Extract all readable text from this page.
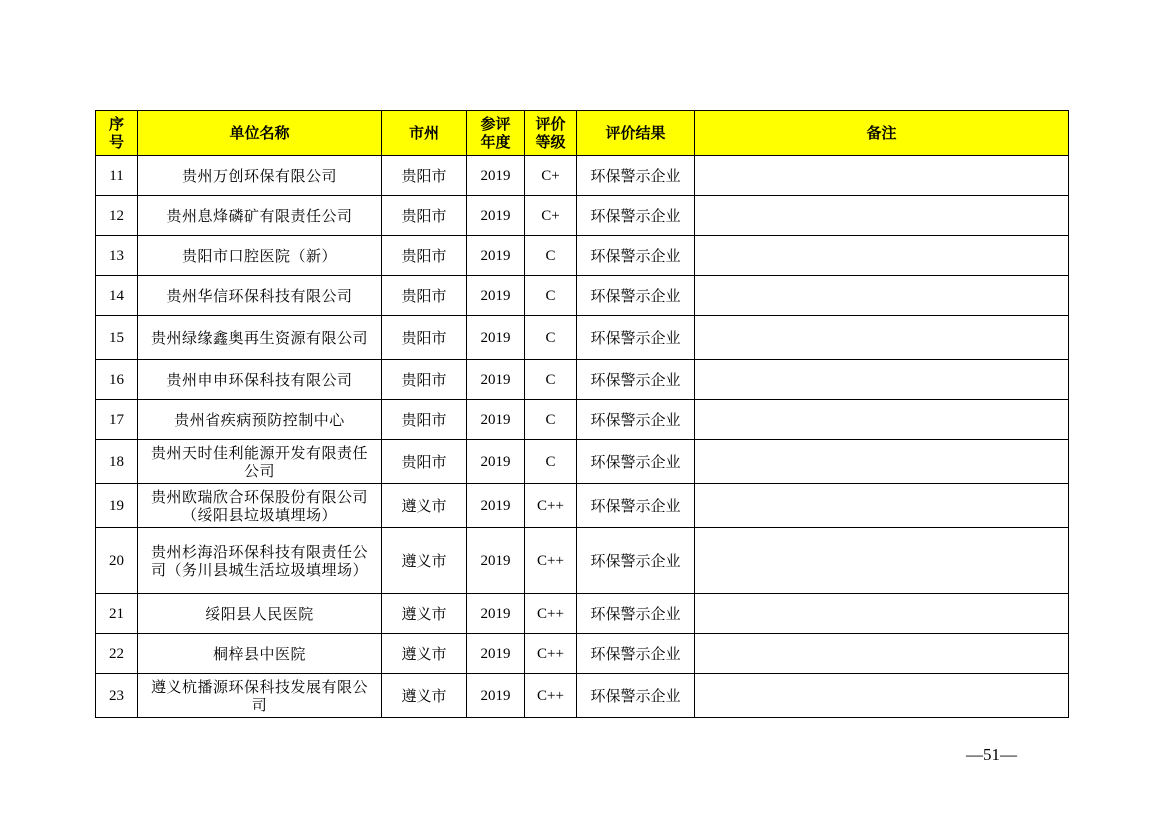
序号	单位名称	市州	参评年度	评价等级	评价结果	备注
11	贵州万创环保有限公司	贵阳市	2019	C+	环保警示企业	
12	贵州息烽磷矿有限责任公司	贵阳市	2019	C+	环保警示企业	
13	贵阳市口腔医院（新）	贵阳市	2019	C	环保警示企业	
14	贵州华信环保科技有限公司	贵阳市	2019	C	环保警示企业	
15	贵州绿缘鑫奥再生资源有限公司	贵阳市	2019	C	环保警示企业	
16	贵州申申环保科技有限公司	贵阳市	2019	C	环保警示企业	
17	贵州省疾病预防控制中心	贵阳市	2019	C	环保警示企业	
18	贵州天时佳利能源开发有限责任公司	贵阳市	2019	C	环保警示企业	
19	贵州欧瑞欣合环保股份有限公司（绥阳县垃圾填埋场）	遵义市	2019	C++	环保警示企业	
20	贵州杉海沿环保科技有限责任公司（务川县城生活垃圾填埋场）	遵义市	2019	C++	环保警示企业	
21	绥阳县人民医院	遵义市	2019	C++	环保警示企业	
22	桐梓县中医院	遵义市	2019	C++	环保警示企业	
23	遵义杭播源环保科技发展有限公司	遵义市	2019	C++	环保警示企业	
—51—
